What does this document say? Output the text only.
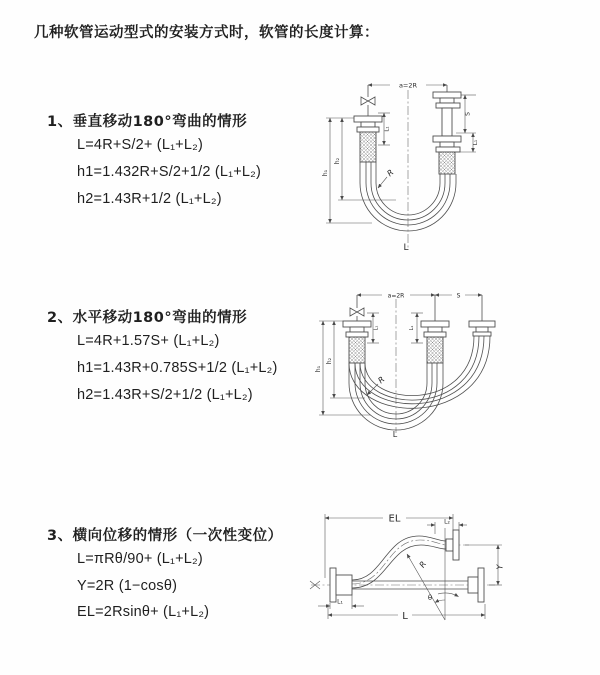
几种软管运动型式的安装方式时，软管的长度计算：
1、垂直移动180°弯曲的情形
L=4R+S/2+ (L₁+L₂)
h1=1.432R+S/2+1/2 (L₁+L₂)
h2=1.43R+1/2 (L₁+L₂)
2、水平移动180°弯曲的情形
L=4R+1.57S+ (L₁+L₂)
h1=1.43R+0.785S+1/2 (L₁+L₂)
h2=1.43R+S/2+1/2 (L₁+L₂)
3、横向位移的情形（一次性变位）
L=πRθ/90+ (L₁+L₂)
Y=2R (1−cosθ)
EL=2Rsinθ+ (L₁+L₂)
a=2R
h₁
h₂
L₁
S
L₁
R
L
a=2R	S
h₁
h₂
L₁	L₁
R
L
θ
R
EL	L₂
Y
L₁
L
